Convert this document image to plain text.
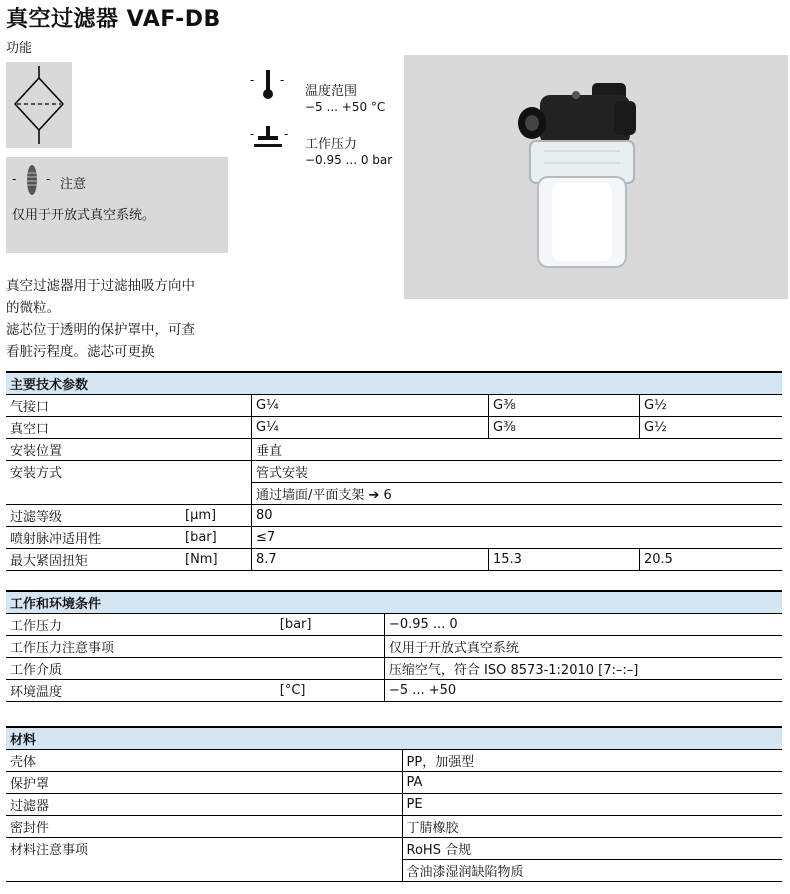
真空过滤器 VAF-DB
功能
- - 注意
仅用于开放式真空系统。
真空过滤器用于过滤抽吸方向中
的微粒。
滤芯位于透明的保护罩中，可查
看脏污程度。滤芯可更换
- -
温度范围
−5 ... +50 °C
- -
工作压力
−0.95 ... 0 bar
主要技术参数				
气接口		G¼	G⅜	G½
真空口		G¼	G⅜	G½
安装位置		垂直		
安装方式		管式安装		
		通过墙面/平面支架 ➔ 6		
过滤等级	[μm]	80		
喷射脉冲适用性	[bar]	≤7		
最大紧固扭矩	[Nm]	8.7	15.3	20.5
工作和环境条件		
工作压力	[bar]	−0.95 ... 0
工作压力注意事项		仅用于开放式真空系统
工作介质		压缩空气，符合 ISO 8573-1:2010 [7:–:–]
环境温度	[°C]	−5 ... +50
材料	
壳体	PP，加强型
保护罩	PA
过滤器	PE
密封件	丁腈橡胶
材料注意事项	RoHS 合规
	含油漆湿润缺陷物质
